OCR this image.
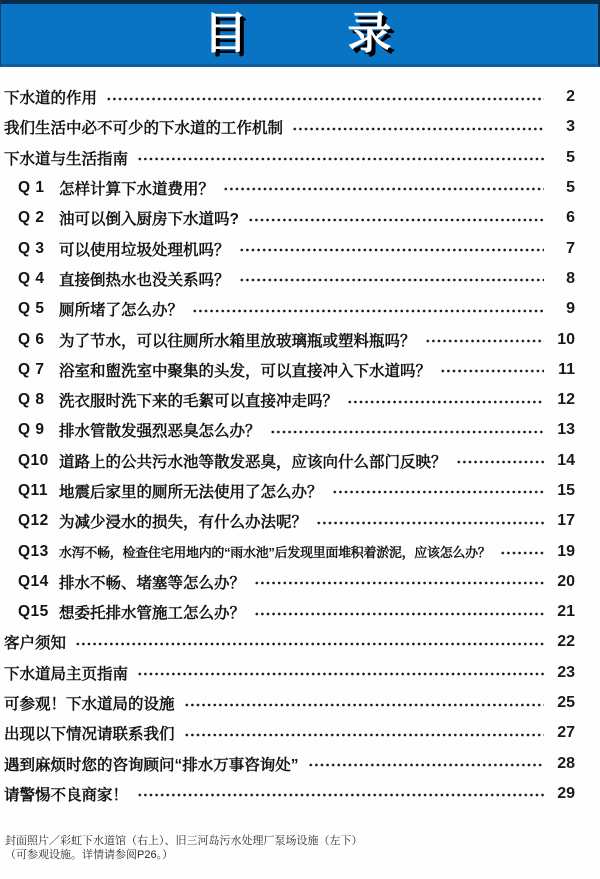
目　　录
下水道的作用	2
我们生活中必不可少的下水道的工作机制	3
下水道与生活指南	5
Q 1 怎样计算下水道费用？	5
Q 2 油可以倒入厨房下水道吗?	6
Q 3 可以使用垃圾处理机吗？	7
Q 4 直接倒热水也没关系吗？	8
Q 5 厕所堵了怎么办？	9
Q 6 为了节水，可以往厕所水箱里放玻璃瓶或塑料瓶吗？	10
Q 7 浴室和盥洗室中聚集的头发，可以直接冲入下水道吗？	11
Q 8 洗衣服时洗下来的毛絮可以直接冲走吗？	12
Q 9 排水管散发强烈恶臭怎么办？	13
Q10 道路上的公共污水池等散发恶臭，应该向什么部门反映？	14
Q11 地震后家里的厕所无法使用了怎么办？	15
Q12 为减少浸水的损失，有什么办法呢？	17
Q13 水泻不畅，检查住宅用地内的“雨水池”后发现里面堆积着淤泥，应该怎么办？	19
Q14 排水不畅、堵塞等怎么办？	20
Q15 想委托排水管施工怎么办？	21
客户须知	22
下水道局主页指南	23
可参观！下水道局的设施	25
出现以下情况请联系我们	27
遇到麻烦时您的咨询顾问“排水万事咨询处”	28
请警惕不良商家！	29

封面照片／彩虹下水道馆（右上）、旧三河岛污水处理厂泵场设施（左下）

（可参观设施。详情请参阅P26。）
